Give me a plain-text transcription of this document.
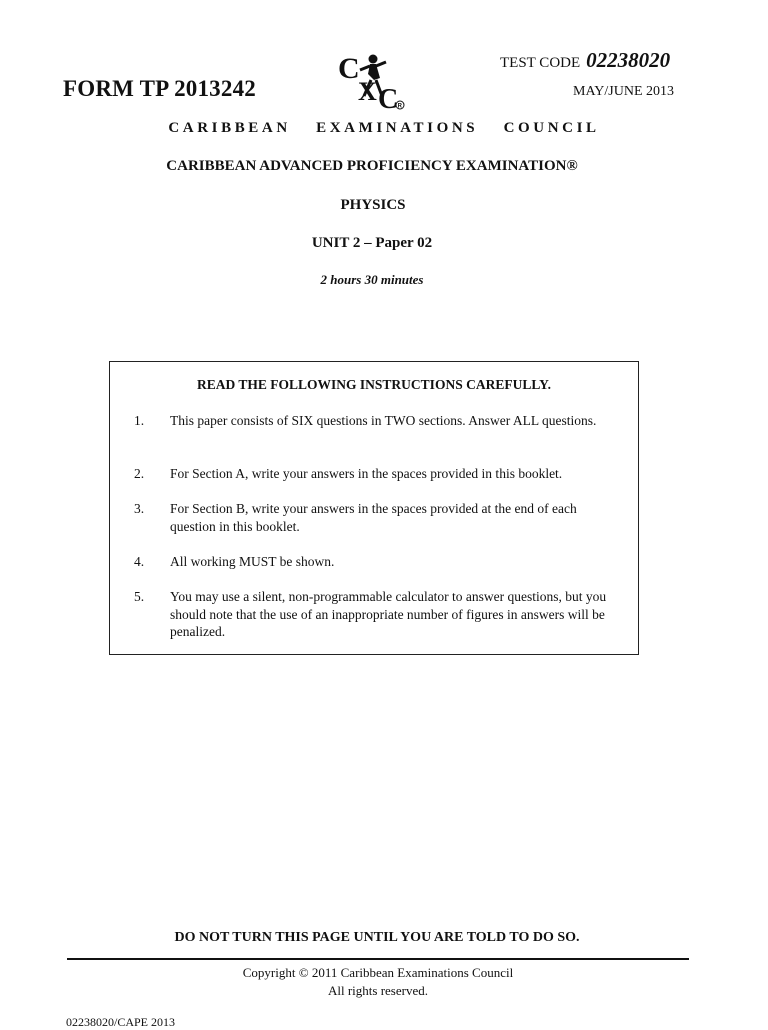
FORM TP 2013242
C
X C R
TEST CODE 02238020
MAY/JUNE 2013
CARIBBEAN EXAMINATIONS COUNCIL
CARIBBEAN ADVANCED PROFICIENCY EXAMINATION®
PHYSICS
UNIT 2 – Paper 02
2 hours 30 minutes
READ THE FOLLOWING INSTRUCTIONS CAREFULLY.
1. This paper consists of SIX questions in TWO sections. Answer ALL questions.
2. For Section A, write your answers in the spaces provided in this booklet.
3. For Section B, write your answers in the spaces provided at the end of each question in this booklet.
4. All working MUST be shown.
5. You may use a silent, non-programmable calculator to answer questions, but you should note that the use of an inappropriate number of figures in answers will be penalized.
DO NOT TURN THIS PAGE UNTIL YOU ARE TOLD TO DO SO.
Copyright © 2011 Caribbean Examinations Council
All rights reserved.
02238020/CAPE 2013
